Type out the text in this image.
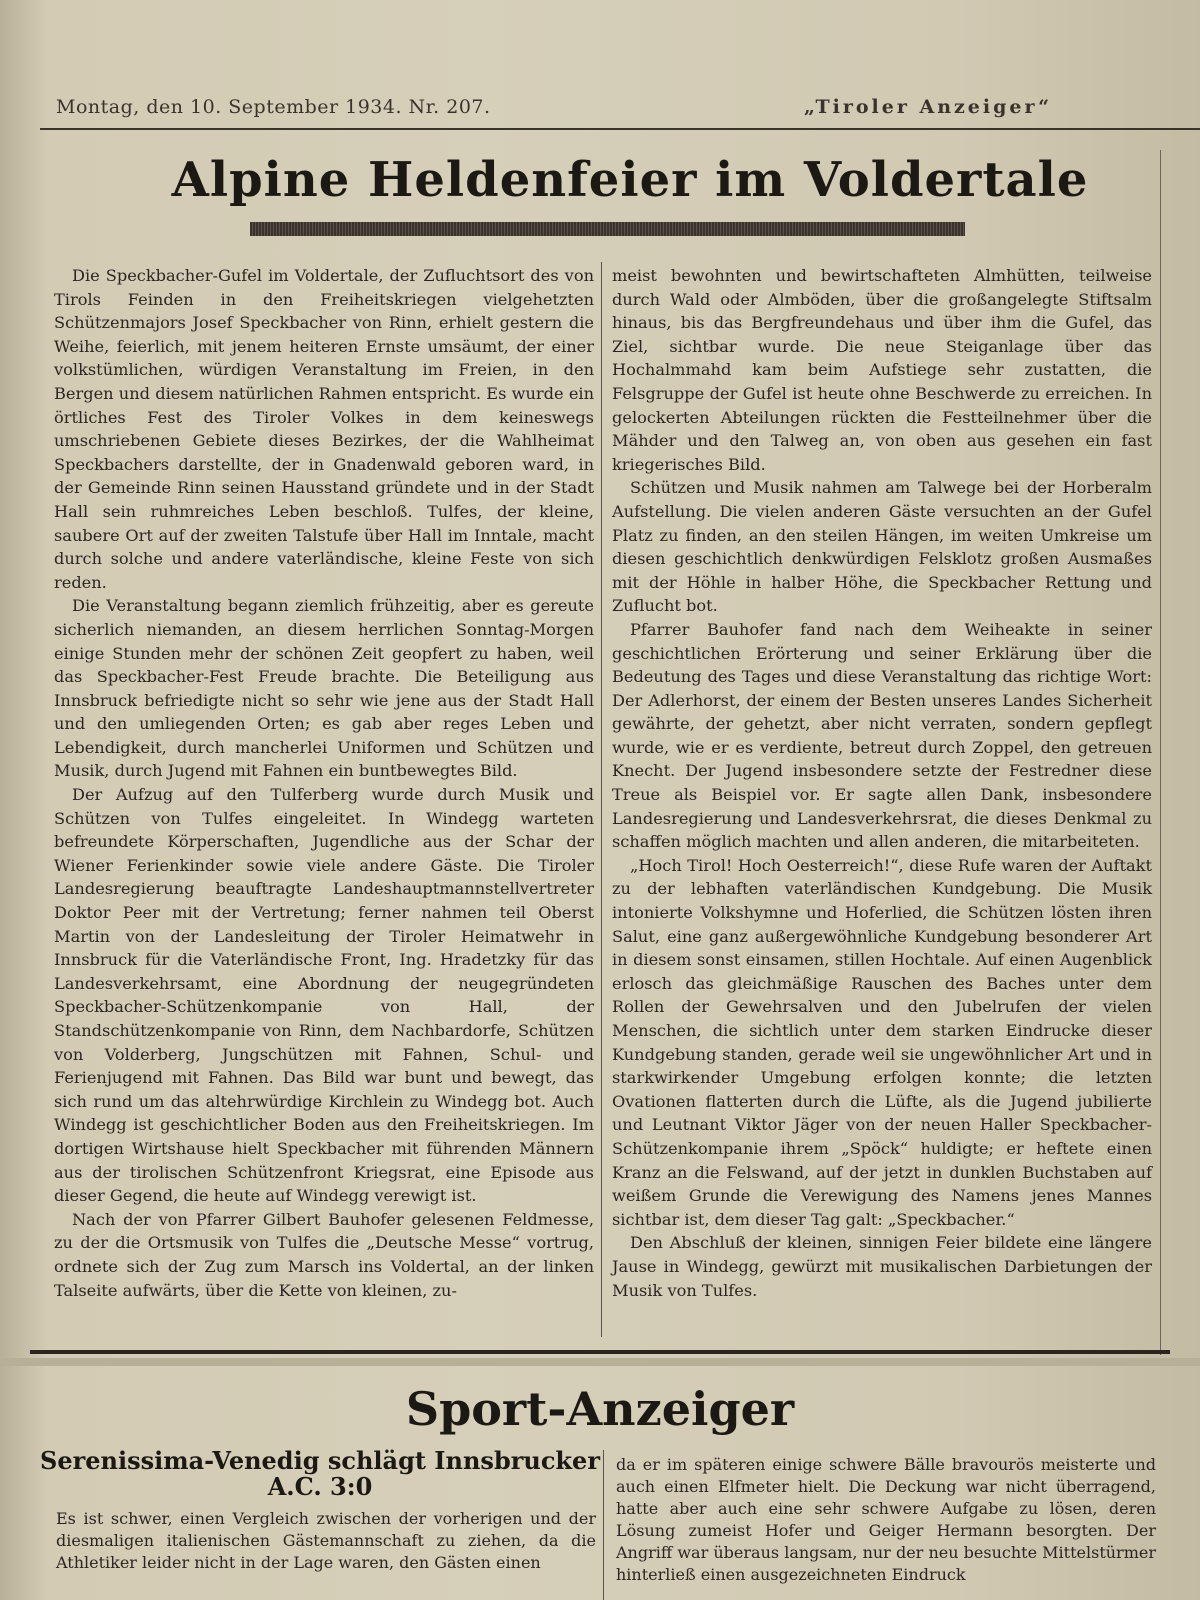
Montag, den 10. September 1934. Nr. 207.	„Tiroler Anzeiger“
Alpine Heldenfeier im Voldertale

Die Speckbacher-Gufel im Voldertale, der Zufluchtsort des von Tirols Feinden in den Freiheitskriegen vielgehetzten Schützenmajors Josef Speckbacher von Rinn, erhielt gestern die Weihe, feierlich, mit jenem heiteren Ernste umsäumt, der einer volkstümlichen, würdigen Veranstaltung im Freien, in den Bergen und diesem natürlichen Rahmen entspricht. Es wurde ein örtliches Fest des Tiroler Volkes in dem keineswegs umschriebenen Gebiete dieses Bezirkes, der die Wahlheimat Speckbachers darstellte, der in Gnadenwald geboren ward, in der Gemeinde Rinn seinen Hausstand gründete und in der Stadt Hall sein ruhmreiches Leben beschloß. Tulfes, der kleine, saubere Ort auf der zweiten Talstufe über Hall im Inntale, macht durch solche und andere vaterländische, kleine Feste von sich reden.

Die Veranstaltung begann ziemlich frühzeitig, aber es gereute sicherlich niemanden, an diesem herrlichen Sonntag-Morgen einige Stunden mehr der schönen Zeit geopfert zu haben, weil das Speckbacher-Fest Freude brachte. Die Beteiligung aus Innsbruck befriedigte nicht so sehr wie jene aus der Stadt Hall und den umliegenden Orten; es gab aber reges Leben und Lebendigkeit, durch mancherlei Uniformen und Schützen und Musik, durch Jugend mit Fahnen ein buntbewegtes Bild.

Der Aufzug auf den Tulferberg wurde durch Musik und Schützen von Tulfes eingeleitet. In Windegg warteten befreundete Körperschaften, Jugendliche aus der Schar der Wiener Ferienkinder sowie viele andere Gäste. Die Tiroler Landesregierung beauftragte Landeshauptmannstellvertreter Doktor Peer mit der Vertretung; ferner nahmen teil Oberst Martin von der Landesleitung der Tiroler Heimatwehr in Innsbruck für die Vaterländische Front, Ing. Hradetzky für das Landesverkehrsamt, eine Abordnung der neugegründeten Speckbacher-Schützenkompanie von Hall, der Standschützenkompanie von Rinn, dem Nachbardorfe, Schützen von Volderberg, Jungschützen mit Fahnen, Schul- und Ferienjugend mit Fahnen. Das Bild war bunt und bewegt, das sich rund um das altehrwürdige Kirchlein zu Windegg bot. Auch Windegg ist geschichtlicher Boden aus den Freiheitskriegen. Im dortigen Wirtshause hielt Speckbacher mit führenden Männern aus der tirolischen Schützenfront Kriegsrat, eine Episode aus dieser Gegend, die heute auf Windegg verewigt ist.

Nach der von Pfarrer Gilbert Bauhofer gelesenen Feldmesse, zu der die Ortsmusik von Tulfes die „Deutsche Messe“ vortrug, ordnete sich der Zug zum Marsch ins Voldertal, an der linken Talseite aufwärts, über die Kette von kleinen, zu-

meist bewohnten und bewirtschafteten Almhütten, teilweise durch Wald oder Almböden, über die großangelegte Stiftsalm hinaus, bis das Bergfreundehaus und über ihm die Gufel, das Ziel, sichtbar wurde. Die neue Steiganlage über das Hochalmmahd kam beim Aufstiege sehr zustatten, die Felsgruppe der Gufel ist heute ohne Beschwerde zu erreichen. In gelockerten Abteilungen rückten die Festteilnehmer über die Mähder und den Talweg an, von oben aus gesehen ein fast kriegerisches Bild.

Schützen und Musik nahmen am Talwege bei der Horberalm Aufstellung. Die vielen anderen Gäste versuchten an der Gufel Platz zu finden, an den steilen Hängen, im weiten Umkreise um diesen geschichtlich denkwürdigen Felsklotz großen Ausmaßes mit der Höhle in halber Höhe, die Speckbacher Rettung und Zuflucht bot.

Pfarrer Bauhofer fand nach dem Weiheakte in seiner geschichtlichen Erörterung und seiner Erklärung über die Bedeutung des Tages und diese Veranstaltung das richtige Wort: Der Adlerhorst, der einem der Besten unseres Landes Sicherheit gewährte, der gehetzt, aber nicht verraten, sondern gepflegt wurde, wie er es verdiente, betreut durch Zoppel, den getreuen Knecht. Der Jugend insbesondere setzte der Festredner diese Treue als Beispiel vor. Er sagte allen Dank, insbesondere Landesregierung und Landesverkehrsrat, die dieses Denkmal zu schaffen möglich machten und allen anderen, die mitarbeiteten.

„Hoch Tirol! Hoch Oesterreich!“, diese Rufe waren der Auftakt zu der lebhaften vaterländischen Kundgebung. Die Musik intonierte Volkshymne und Hoferlied, die Schützen lösten ihren Salut, eine ganz außergewöhnliche Kundgebung besonderer Art in diesem sonst einsamen, stillen Hochtale. Auf einen Augenblick erlosch das gleichmäßige Rauschen des Baches unter dem Rollen der Gewehrsalven und den Jubelrufen der vielen Menschen, die sichtlich unter dem starken Eindrucke dieser Kundgebung standen, gerade weil sie ungewöhnlicher Art und in starkwirkender Umgebung erfolgen konnte; die letzten Ovationen flatterten durch die Lüfte, als die Jugend jubilierte und Leutnant Viktor Jäger von der neuen Haller Speckbacher-Schützenkompanie ihrem „Spöck“ huldigte; er heftete einen Kranz an die Felswand, auf der jetzt in dunklen Buchstaben auf weißem Grunde die Verewigung des Namens jenes Mannes sichtbar ist, dem dieser Tag galt: „Speckbacher.“

Den Abschluß der kleinen, sinnigen Feier bildete eine längere Jause in Windegg, gewürzt mit musikalischen Darbietungen der Musik von Tulfes.

Sport-Anzeiger
Serenissima-Venedig schlägt Innsbrucker
A.C. 3:0
Es ist schwer, einen Vergleich zwischen der vorherigen und der diesmaligen italienischen Gästemannschaft zu ziehen, da die Athletiker leider nicht in der Lage waren, den Gästen einen
da er im späteren einige schwere Bälle bravourös meisterte und auch einen Elfmeter hielt. Die Deckung war nicht überragend, hatte aber auch eine sehr schwere Aufgabe zu lösen, deren Lösung zumeist Hofer und Geiger Hermann besorgten. Der Angriff war überaus langsam, nur der neu besuchte Mittelstürmer hinterließ einen ausgezeichneten Eindruck
